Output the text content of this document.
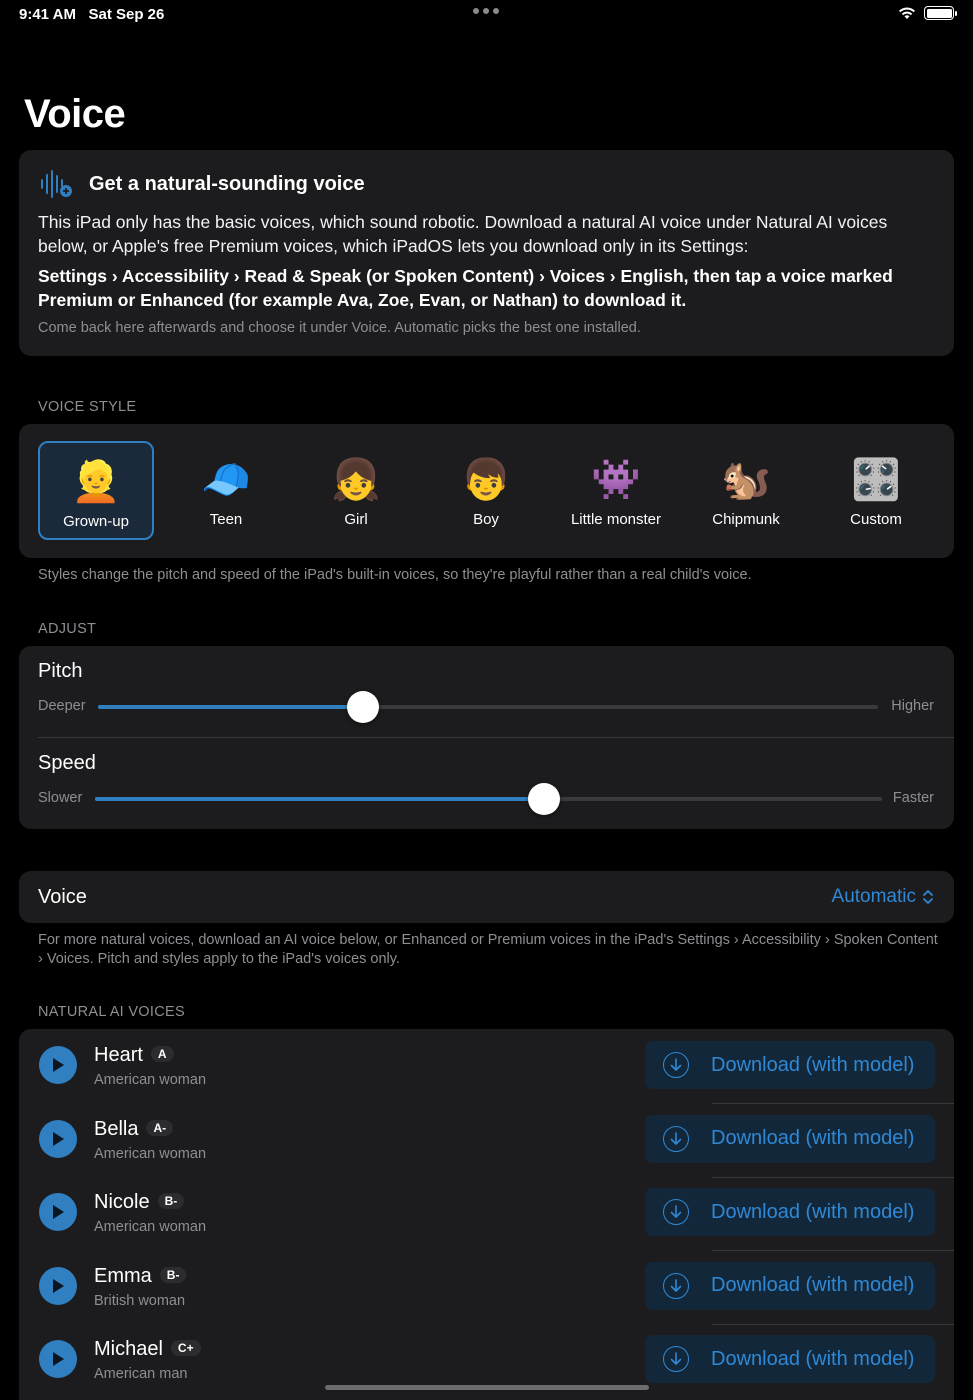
9:41 AM Sat Sep 26
Voice
Get a natural-sounding voice

This iPad only has the basic voices, which sound robotic. Download a natural AI voice under Natural AI voices below, or Apple's free Premium voices, which iPadOS lets you download only in its Settings:

Settings › Accessibility › Read & Speak (or Spoken Content) › Voices › English, then tap a voice marked Premium or Enhanced (for example Ava, Zoe, Evan, or Nathan) to download it.

Come back here afterwards and choose it under Voice. Automatic picks the best one installed.

VOICE STYLE
👱
Grown-up
🧢
Teen
👧
Girl
👦
Boy
👾
Little monster
🐿️
Chipmunk
🎛️
Custom

Styles change the pitch and speed of the iPad's built-in voices, so they're playful rather than a real child's voice.

ADJUST
Pitch
Deeper	Higher
Speed
Slower	Faster
Voice	Automatic

For more natural voices, download an AI voice below, or Enhanced or Premium voices in the iPad's Settings › Accessibility › Spoken Content › Voices. Pitch and styles apply to the iPad's voices only.

NATURAL AI VOICES
Heart A
American woman
Download (with model)
Bella A-
American woman
Download (with model)
Nicole B-
American woman
Download (with model)
Emma B-
British woman
Download (with model)
Michael C+
American man
Download (with model)
